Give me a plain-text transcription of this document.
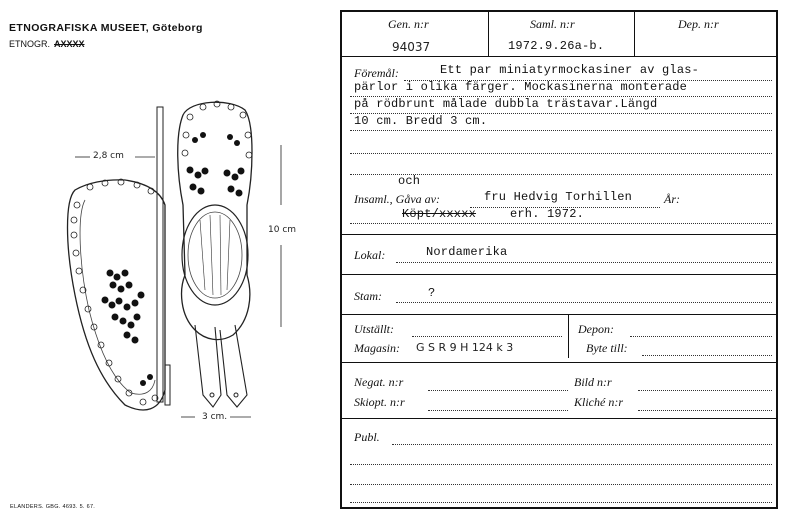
ETNOGRAFISKA MUSEET, Göteborg
ETNOGR. AXXXX
2,8 cm
10 cm
3 cm.
ELANDERS. GBG. 4693. 5. 67.
Gen. n:r
94037
Saml. n:r
1972.9.26a-b.
Dep. n:r
Föremål:	Ett par miniatyrmockasiner av glas-
pärlor i olika färger. Mockasinerna monterade
på rödbrunt målade dubbla trästavar.Längd
10 cm. Bredd 3 cm.
och
Insaml., Gåva av:	fru Hedvig Torhillen	År:
Köpt/xxxxx	erh. 1972.
Lokal:	Nordamerika
Stam:	?
Utställt:	Depon:
Magasin: G S R 9 H 124 k 3	Byte till:
Negat. n:r	Bild n:r
Skiopt. n:r	Kliché n:r
Publ.
